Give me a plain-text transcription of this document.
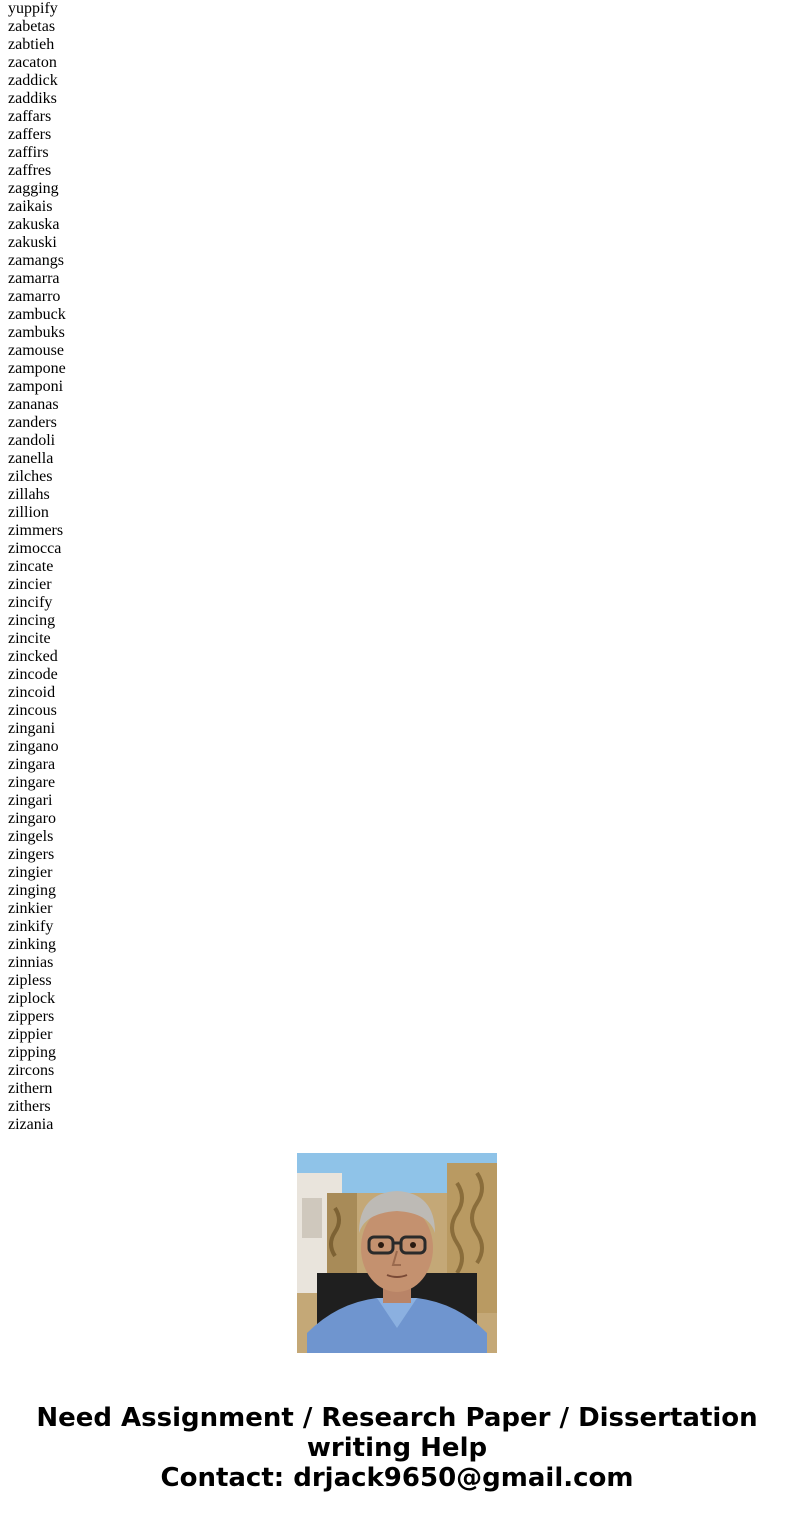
yuppify
zabetas
zabtieh
zacaton
zaddick
zaddiks
zaffars
zaffers
zaffirs
zaffres
zagging
zaikais
zakuska
zakuski
zamangs
zamarra
zamarro
zambuck
zambuks
zamouse
zampone
zamponi
zananas
zanders
zandoli
zanella
zilches
zillahs
zillion
zimmers
zimocca
zincate
zincier
zincify
zincing
zincite
zincked
zincode
zincoid
zincous
zingani
zingano
zingara
zingare
zingari
zingaro
zingels
zingers
zingier
zinging
zinkier
zinkify
zinking
zinnias
zipless
ziplock
zippers
zippier
zipping
zircons
zithern
zithers
zizania
Need Assignment / Research Paper / Dissertation
writing Help
Contact: drjack9650@gmail.com
